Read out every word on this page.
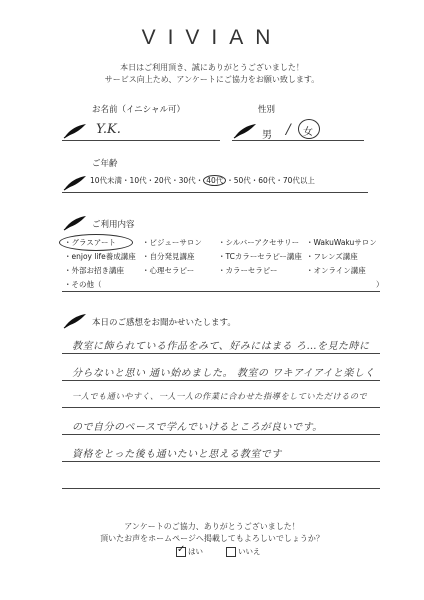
VIVIAN
本日はご利用頂き、誠にありがとうございました！
サービス向上ため、アンケートにご協力をお願い致します。
お名前（イニシャル可）
Y.K.
性別
男 / 女
ご年齢
10代未満・10代・20代・30代・ 40代 ・50代・60代・70代以上
ご利用内容
・グラスアート	・ビジューサロン ・シルバーアクセサリー ・WakuWakuサロン
・enjoy life養成講座 ・自分発見講座	・TCカラーセラピー講座 ・フレンズ講座
・外部お招き講座 ・心理セラピー	・カラーセラピー	・オンライン講座
・その他（	）
本日のご感想をお聞かせいたします。
教室に飾られている作品をみて、好みにはまる ろ…を見た時に
分らないと思い 通い始めました。 教室の ワキアイアイと楽しく
一人でも通いやすく、一人一人の作業に合わせた指導をしていただけるので
ので自分のペースで学んでいけるところが良いです。
資格をとった後も通いたいと思える教室です
アンケートのご協力、ありがとうございました！
頂いたお声をホームページへ掲載してもよろしいでしょうか？
✓ はい	いいえ
